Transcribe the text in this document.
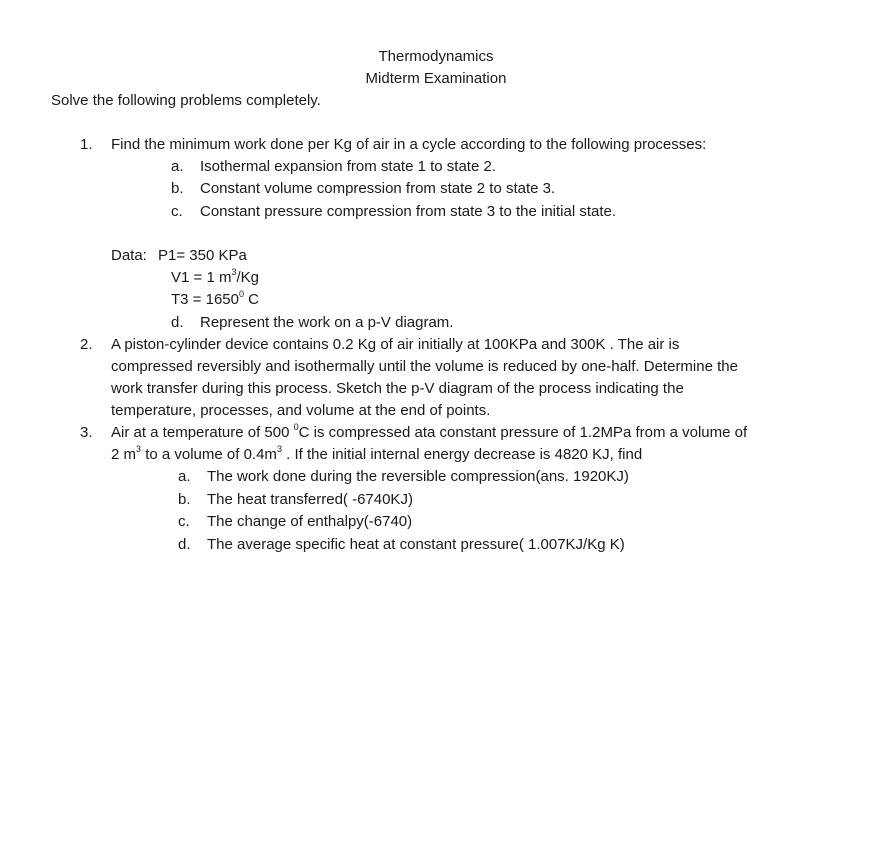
Thermodynamics
Midterm Examination
Solve the following problems completely.
1. Find the minimum work done per Kg of air in a cycle according to the following processes:
a. Isothermal expansion from state 1 to state 2.
b. Constant volume compression from state 2 to state 3.
c. Constant pressure compression from state 3 to the initial state.
Data: P1= 350 KPa
V1 = 1 $m^3/Kg$
$T3 = 1650^0$ C
d. Represent the work on a p-V diagram.
2. A piston-cylinder device contains 0.2 Kg of air initially at 100KPa and 300K . The air is
compressed reversibly and isothermally until the volume is reduced by one-half. Determine the
work transfer during this process. Sketch the p-V diagram of the process indicating the
temperature, processes, and volume at the end of points.
3. Air at a temperature of 500 $^0$C is compressed ata constant pressure of 1.2MPa from a volume of
2 $m^3$ to a volume of $0.4m^3$ . If the initial internal energy decrease is 4820 KJ, find
a. The work done during the reversible compression(ans. 1920KJ)
b. The heat transferred( -6740KJ)
c. The change of enthalpy(-6740)
d. The average specific heat at constant pressure( 1.007KJ/Kg K)
